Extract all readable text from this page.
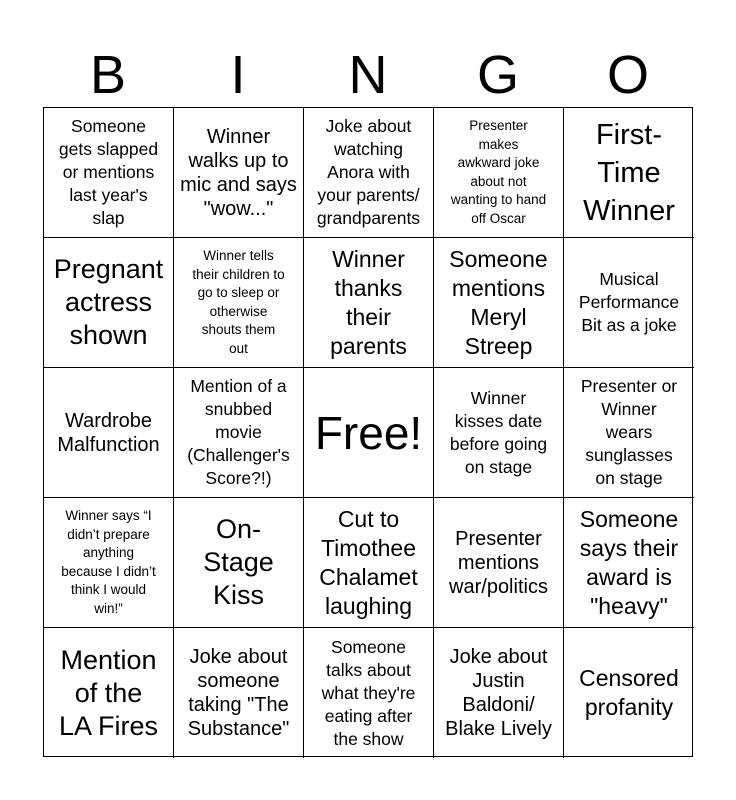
B	I	N	G	O
Someone
gets slapped
or mentions
last year's
slap
Winner
walks up to
mic and says
"wow..."
Joke about
watching
Anora with
your parents/
grandparents
Presenter
makes
awkward joke
about not
wanting to hand
off Oscar
First-
Time
Winner
Pregnant
actress
shown
Winner tells
their children to
go to sleep or
otherwise
shouts them
out
Winner
thanks
their
parents
Someone
mentions
Meryl
Streep
Musical
Performance
Bit as a joke
Wardrobe
Malfunction
Mention of a
snubbed
movie
(Challenger's
Score?!)
Free!
Winner
kisses date
before going
on stage
Presenter or
Winner
wears
sunglasses
on stage
Winner says “I
didn’t prepare
anything
because I didn’t
think I would
win!”
On-
Stage
Kiss
Cut to
Timothee
Chalamet
laughing
Presenter
mentions
war/politics
Someone
says their
award is
"heavy"
Mention
of the
LA Fires
Joke about
someone
taking "The
Substance"
Someone
talks about
what they're
eating after
the show
Joke about
Justin
Baldoni/
Blake Lively
Censored
profanity
